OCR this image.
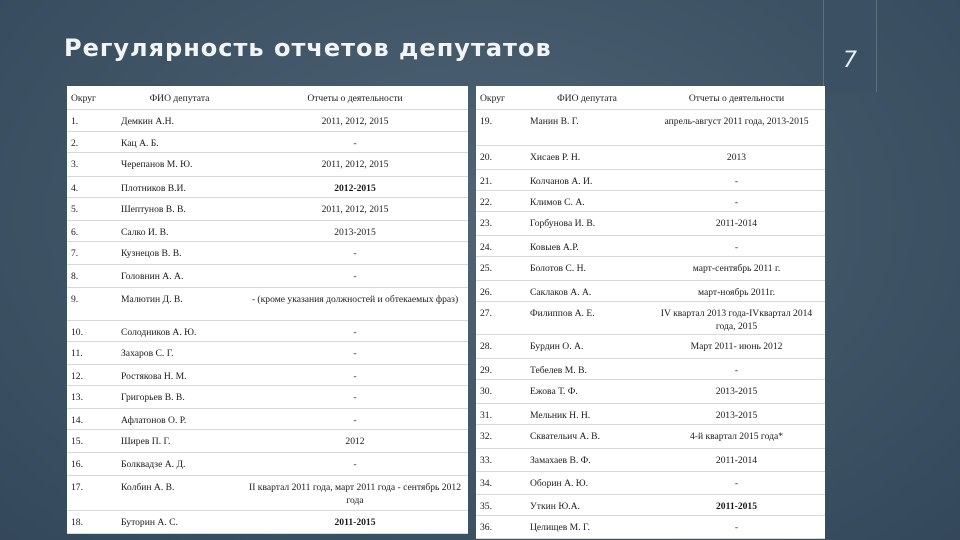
Регулярность отчетов депутатов	7
Округ	ФИО депутата	Отчеты о деятельности
1.	Демкин А.Н.	2011, 2012, 2015
2.	Кац А. Б.	-
3.	Черепанов М. Ю.	2011, 2012, 2015
4.	Плотников В.И.	2012-2015
5.	Шептунов В. В.	2011, 2012, 2015
6.	Салко И. В.	2013-2015
7.	Кузнецов В. В.	-
8.	Головнин А. А.	-
9.	Малютин Д. В.	- (кроме указания должностей и обтекаемых фраз)
10.	Солодников А. Ю.	-
11.	Захаров С. Г.	-
12.	Ростякова Н. М.	-
13.	Григорьев В. В.	-
14.	Афлатонов О. Р.	-
15.	Ширев П. Г.	2012
16.	Болквадзе А. Д.	-
17.	Колбин А. В.	II квартал 2011 года, март 2011 года - сентябрь 2012 года
18.	Буторин А. С.	2011-2015
Округ	ФИО депутата	Отчеты о деятельности
19.	Манин В. Г.	апрель-август 2011 года, 2013-2015
20.	Хисаев Р. Н.	2013
21.	Колчанов А. И.	-
22.	Климов С. А.	-
23.	Горбунова И. В.	2011-2014
24.	Ковыев А.Р.	-
25.	Болотов С. Н.	март-сентябрь 2011 г.
26.	Саклаков А. А.	март-ноябрь 2011г.
27.	Филиппов А. Е.	IV квартал 2013 года-IVквартал 2014 года, 2015
28.	Бурдин О. А.	Март 2011- июнь 2012
29.	Тебелев М. В.	-
30.	Ежова Т. Ф.	2013-2015
31.	Мельник Н. Н.	2013-2015
32.	Сквательич А. В.	4-й квартал 2015 года*
33.	Замахаев В. Ф.	2011-2014
34.	Оборин А. Ю.	-
35.	Уткин Ю.А.	2011-2015
36.	Целищев М. Г.	-
